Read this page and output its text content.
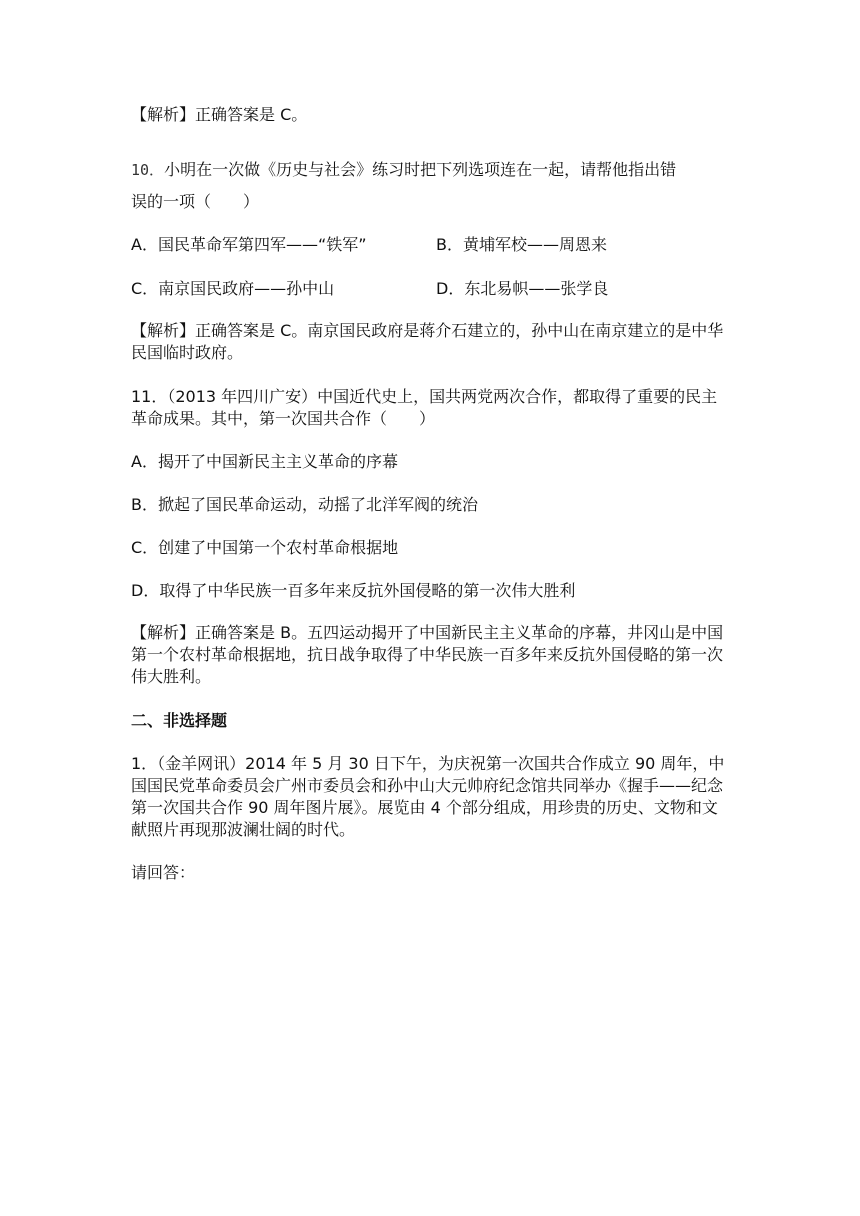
【解析】正确答案是 C。
10．小明在一次做《历史与社会》练习时把下列选项连在一起，请帮他指出错
误的一项（　　）
A．国民革命军第四军——“铁军”	B．黄埔军校——周恩来
C．南京国民政府——孙中山	D．东北易帜——张学良
【解析】正确答案是 C。南京国民政府是蒋介石建立的，孙中山在南京建立的是中华民国临时政府。
11．（2013 年四川广安）中国近代史上，国共两党两次合作，都取得了重要的民主革命成果。其中，第一次国共合作（　　）
A．揭开了中国新民主主义革命的序幕
B．掀起了国民革命运动，动摇了北洋军阀的统治
C．创建了中国第一个农村革命根据地
D．取得了中华民族一百多年来反抗外国侵略的第一次伟大胜利
【解析】正确答案是 B。五四运动揭开了中国新民主主义革命的序幕，井冈山是中国第一个农村革命根据地，抗日战争取得了中华民族一百多年来反抗外国侵略的第一次伟大胜利。
二、非选择题
1．（金羊网讯）2014 年 5 月 30 日下午，为庆祝第一次国共合作成立 90 周年，中国国民党革命委员会广州市委员会和孙中山大元帅府纪念馆共同举办《握手——纪念第一次国共合作 90 周年图片展》。展览由 4 个部分组成，用珍贵的历史、文物和文献照片再现那波澜壮阔的时代。
请回答：
